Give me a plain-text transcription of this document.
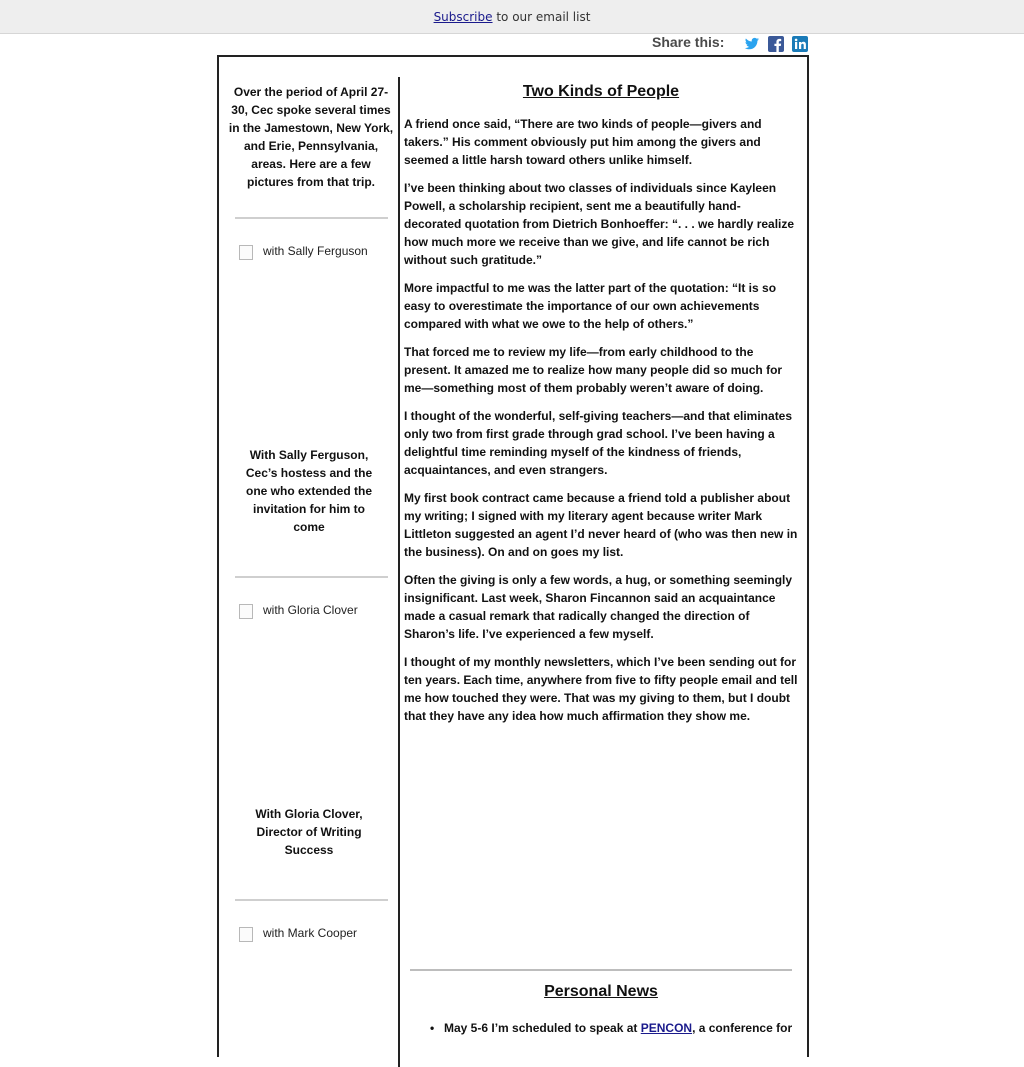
Subscribe to our email list
Share this:
Over the period of April 27-30, Cec spoke several times in the Jamestown, New York, and Erie, Pennsylvania, areas. Here are a few pictures from that trip.
with Sally Ferguson
With Sally Ferguson, Cec’s hostess and the one who extended the invitation for him to come
with Gloria Clover
With Gloria Clover, Director of Writing Success
with Mark Cooper
Two Kinds of People

A friend once said, “There are two kinds of people—givers and takers.” His comment obviously put him among the givers and seemed a little harsh toward others unlike himself.

I’ve been thinking about two classes of individuals since Kayleen Powell, a scholarship recipient, sent me a beautifully hand-decorated quotation from Dietrich Bonhoeffer: “. . . we hardly realize how much more we receive than we give, and life cannot be rich without such gratitude.”

More impactful to me was the latter part of the quotation: “It is so easy to overestimate the importance of our own achievements compared with what we owe to the help of others.”

That forced me to review my life—from early childhood to the present. It amazed me to realize how many people did so much for me—something most of them probably weren’t aware of doing.

I thought of the wonderful, self-giving teachers—and that eliminates only two from first grade through grad school. I’ve been having a delightful time reminding myself of the kindness of friends, acquaintances, and even strangers.

My first book contract came because a friend told a publisher about my writing; I signed with my literary agent because writer Mark Littleton suggested an agent I’d never heard of (who was then new in the business). On and on goes my list.

Often the giving is only a few words, a hug, or something seemingly insignificant. Last week, Sharon Fincannon said an acquaintance made a casual remark that radically changed the direction of Sharon’s life. I’ve experienced a few myself.

I thought of my monthly newsletters, which I’ve been sending out for ten years. Each time, anywhere from five to fifty people email and tell me how touched they were. That was my giving to them, but I doubt that they have any idea how much affirmation they show me.

Personal News
• May 5-6 I’m scheduled to speak at PENCON, a conference for
